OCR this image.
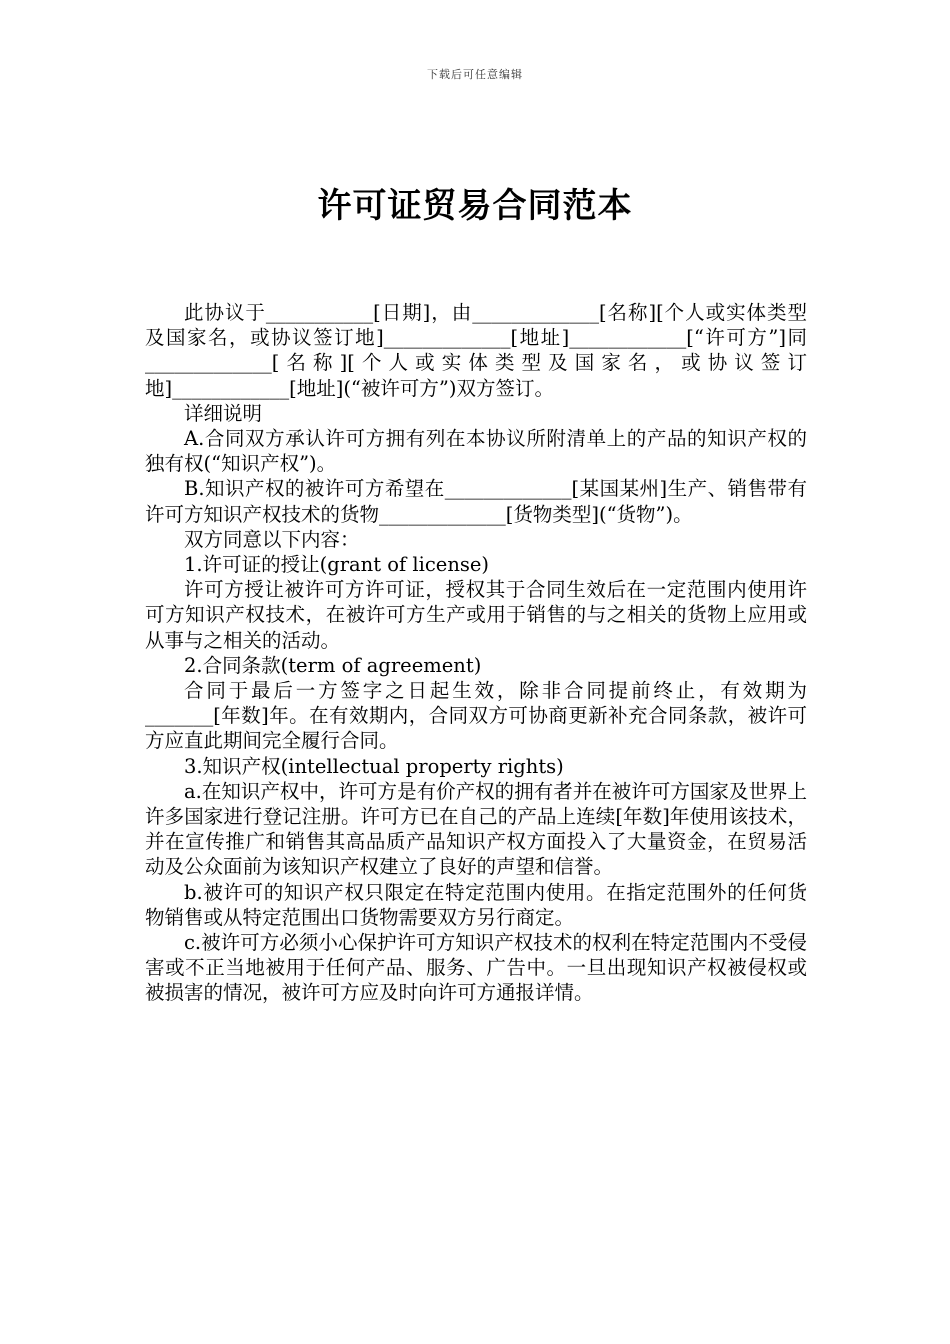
下载后可任意编辑
许可证贸易合同范本

此协议于___________[日期]，由_____________[名称][个人或实体类型及国家名，或协议签订地]_____________[地址]____________[“许可方”]同_____________[名称][个人或实体类型及国家名，或协议签订地]____________[地址](“被许可方”)双方签订。

详细说明

A.合同双方承认许可方拥有列在本协议所附清单上的产品的知识产权的独有权(“知识产权”)。

B.知识产权的被许可方希望在_____________[某国某州]生产、销售带有许可方知识产权技术的货物_____________[货物类型](“货物”)。

双方同意以下内容：

1.许可证的授让(grant of license)

许可方授让被许可方许可证，授权其于合同生效后在一定范围内使用许可方知识产权技术，在被许可方生产或用于销售的与之相关的货物上应用或从事与之相关的活动。

2.合同条款(term of agreement)

合同于最后一方签字之日起生效，除非合同提前终止，有效期为_______[年数]年。在有效期内，合同双方可协商更新补充合同条款，被许可方应直此期间完全履行合同。

3.知识产权(intellectual property rights)

a.在知识产权中，许可方是有价产权的拥有者并在被许可方国家及世界上许多国家进行登记注册。许可方已在自己的产品上连续[年数]年使用该技术，并在宣传推广和销售其高品质产品知识产权方面投入了大量资金，在贸易活动及公众面前为该知识产权建立了良好的声望和信誉。

b.被许可的知识产权只限定在特定范围内使用。在指定范围外的任何货物销售或从特定范围出口货物需要双方另行商定。

c.被许可方必须小心保护许可方知识产权技术的权利在特定范围内不受侵害或不正当地被用于任何产品、服务、广告中。一旦出现知识产权被侵权或被损害的情况，被许可方应及时向许可方通报详情。
